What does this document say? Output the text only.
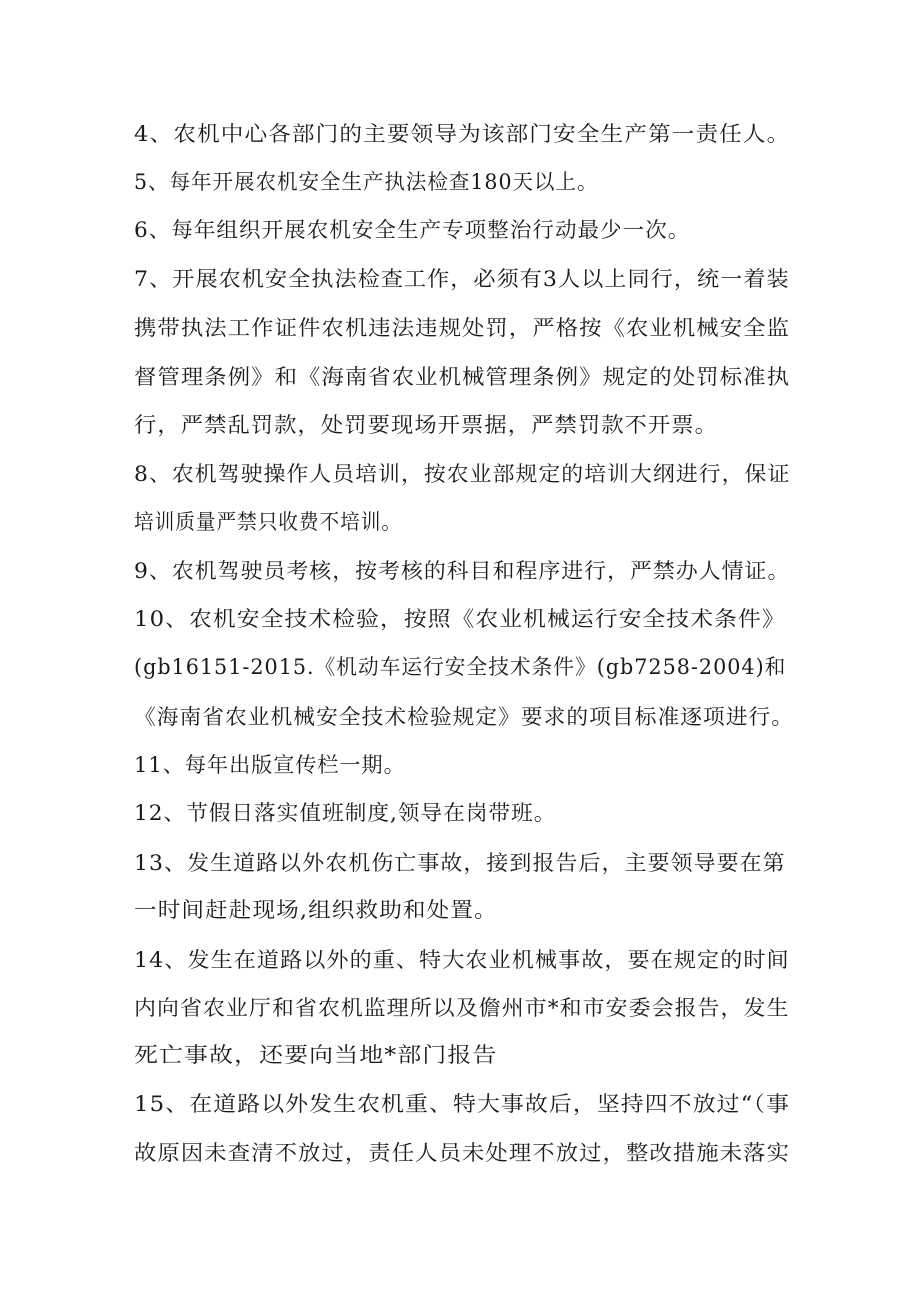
4、农机中心各部门的主要领导为该部门安全生产第一责任人。
5、每年开展农机安全生产执法检查180天以上。
6、每年组织开展农机安全生产专项整治行动最少一次。
7、开展农机安全执法检查工作，必须有3人以上同行，统一着装
携带执法工作证件农机违法违规处罚，严格按《农业机械安全监
督管理条例》和《海南省农业机械管理条例》规定的处罚标准执
行，严禁乱罚款，处罚要现场开票据，严禁罚款不开票。
8、农机驾驶操作人员培训，按农业部规定的培训大纲进行，保证
培训质量严禁只收费不培训。
9、农机驾驶员考核，按考核的科目和程序进行，严禁办人情证。
10、农机安全技术检验，按照《农业机械运行安全技术条件》
(gb16151-2015.《机动车运行安全技术条件》(gb7258-2004)和
《海南省农业机械安全技术检验规定》要求的项目标准逐项进行。
11、每年出版宣传栏一期。
12、节假日落实值班制度,领导在岗带班。
13、发生道路以外农机伤亡事故，接到报告后，主要领导要在第
一时间赶赴现场,组织救助和处置。
14、发生在道路以外的重、特大农业机械事故，要在规定的时间
内向省农业厅和省农机监理所以及儋州市*和市安委会报告，发生
死亡事故，还要向当地*部门报告
15、在道路以外发生农机重、特大事故后，坚持四不放过“（事
故原因未查清不放过，责任人员未处理不放过，整改措施未落实
